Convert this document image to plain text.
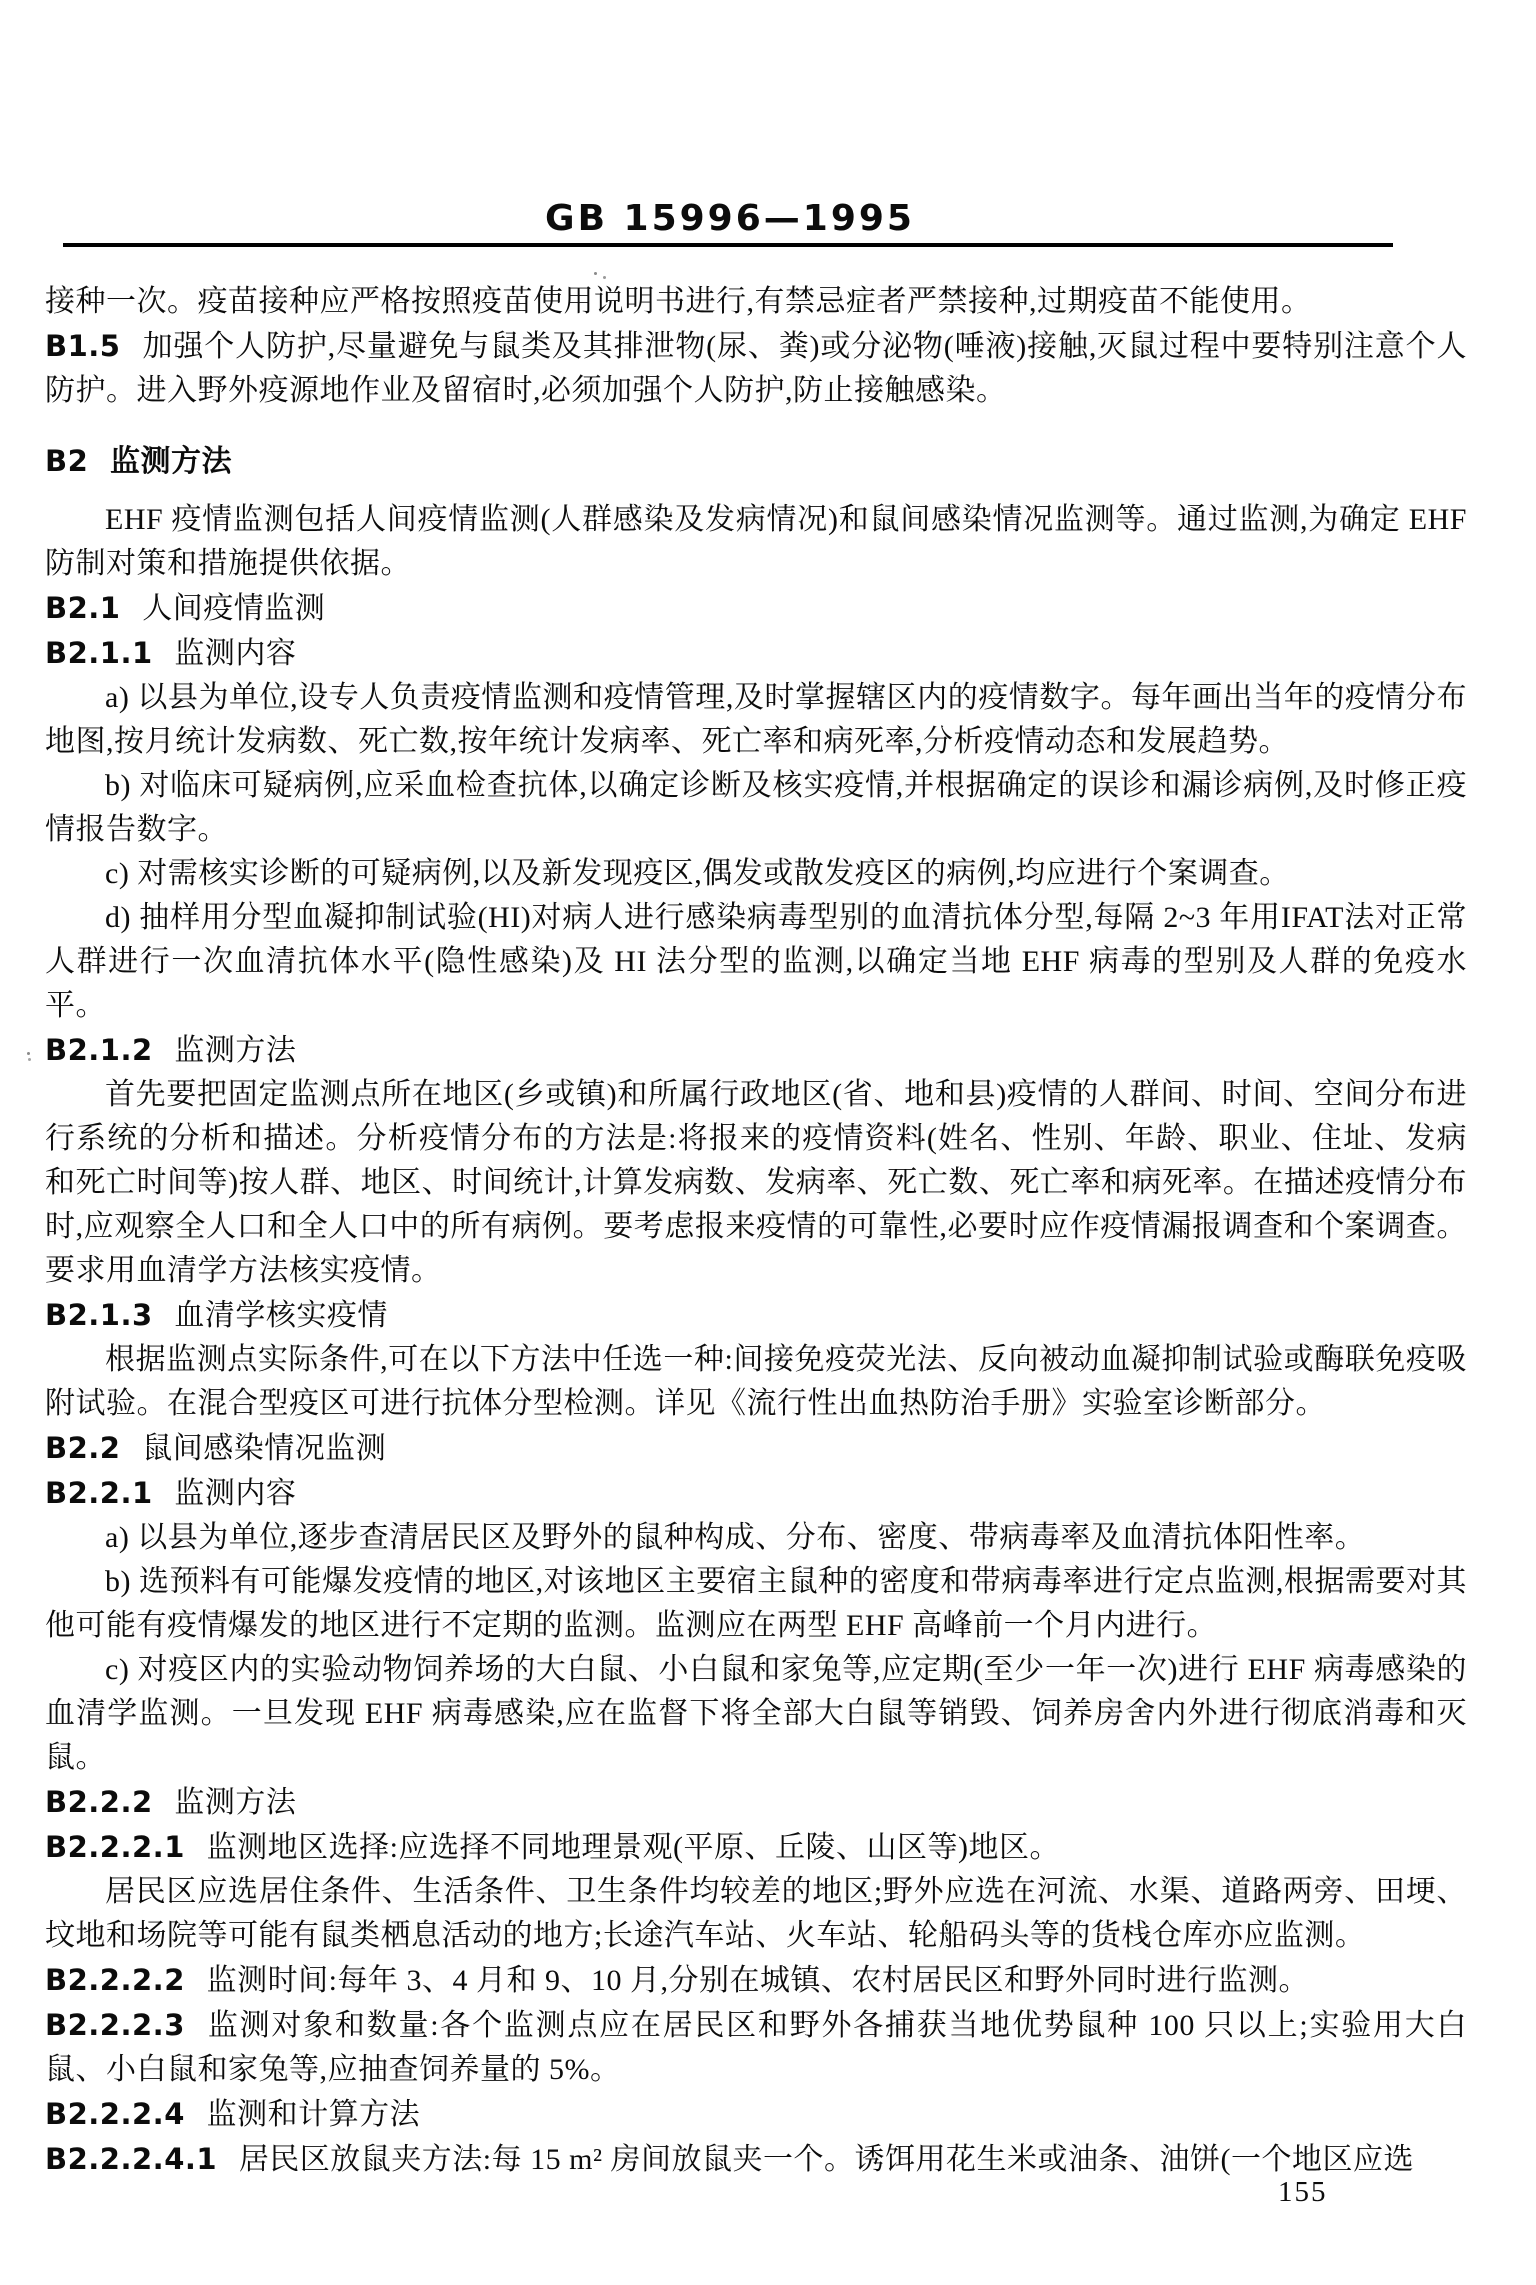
GB 15996—1995
接种一次。疫苗接种应严格按照疫苗使用说明书进行,有禁忌症者严禁接种,过期疫苗不能使用。
B1.5 加强个人防护,尽量避免与鼠类及其排泄物(尿、粪)或分泌物(唾液)接触,灭鼠过程中要特别注意个人防护。进入野外疫源地作业及留宿时,必须加强个人防护,防止接触感染。
B2 监测方法
EHF 疫情监测包括人间疫情监测(人群感染及发病情况)和鼠间感染情况监测等。通过监测,为确定 EHF 防制对策和措施提供依据。
B2.1 人间疫情监测
B2.1.1 监测内容
a) 以县为单位,设专人负责疫情监测和疫情管理,及时掌握辖区内的疫情数字。每年画出当年的疫情分布地图,按月统计发病数、死亡数,按年统计发病率、死亡率和病死率,分析疫情动态和发展趋势。
b) 对临床可疑病例,应采血检查抗体,以确定诊断及核实疫情,并根据确定的误诊和漏诊病例,及时修正疫情报告数字。
c) 对需核实诊断的可疑病例,以及新发现疫区,偶发或散发疫区的病例,均应进行个案调查。
d) 抽样用分型血凝抑制试验(HI)对病人进行感染病毒型别的血清抗体分型,每隔 2~3 年用IFAT法对正常人群进行一次血清抗体水平(隐性感染)及 HI 法分型的监测,以确定当地 EHF 病毒的型别及人群的免疫水平。
B2.1.2 监测方法
首先要把固定监测点所在地区(乡或镇)和所属行政地区(省、地和县)疫情的人群间、时间、空间分布进行系统的分析和描述。分析疫情分布的方法是:将报来的疫情资料(姓名、性别、年龄、职业、住址、发病和死亡时间等)按人群、地区、时间统计,计算发病数、发病率、死亡数、死亡率和病死率。在描述疫情分布时,应观察全人口和全人口中的所有病例。要考虑报来疫情的可靠性,必要时应作疫情漏报调查和个案调查。要求用血清学方法核实疫情。
B2.1.3 血清学核实疫情
根据监测点实际条件,可在以下方法中任选一种:间接免疫荧光法、反向被动血凝抑制试验或酶联免疫吸附试验。在混合型疫区可进行抗体分型检测。详见《流行性出血热防治手册》实验室诊断部分。
B2.2 鼠间感染情况监测
B2.2.1 监测内容
a) 以县为单位,逐步查清居民区及野外的鼠种构成、分布、密度、带病毒率及血清抗体阳性率。
b) 选预料有可能爆发疫情的地区,对该地区主要宿主鼠种的密度和带病毒率进行定点监测,根据需要对其他可能有疫情爆发的地区进行不定期的监测。监测应在两型 EHF 高峰前一个月内进行。
c) 对疫区内的实验动物饲养场的大白鼠、小白鼠和家兔等,应定期(至少一年一次)进行 EHF 病毒感染的血清学监测。一旦发现 EHF 病毒感染,应在监督下将全部大白鼠等销毁、饲养房舍内外进行彻底消毒和灭鼠。
B2.2.2 监测方法
B2.2.2.1 监测地区选择:应选择不同地理景观(平原、丘陵、山区等)地区。
居民区应选居住条件、生活条件、卫生条件均较差的地区;野外应选在河流、水渠、道路两旁、田埂、坟地和场院等可能有鼠类栖息活动的地方;长途汽车站、火车站、轮船码头等的货栈仓库亦应监测。
B2.2.2.2 监测时间:每年 3、4 月和 9、10 月,分别在城镇、农村居民区和野外同时进行监测。
B2.2.2.3 监测对象和数量:各个监测点应在居民区和野外各捕获当地优势鼠种 100 只以上;实验用大白鼠、小白鼠和家兔等,应抽查饲养量的 5%。
B2.2.2.4 监测和计算方法
B2.2.2.4.1 居民区放鼠夹方法:每 15 m² 房间放鼠夹一个。诱饵用花生米或油条、油饼(一个地区应选
155
